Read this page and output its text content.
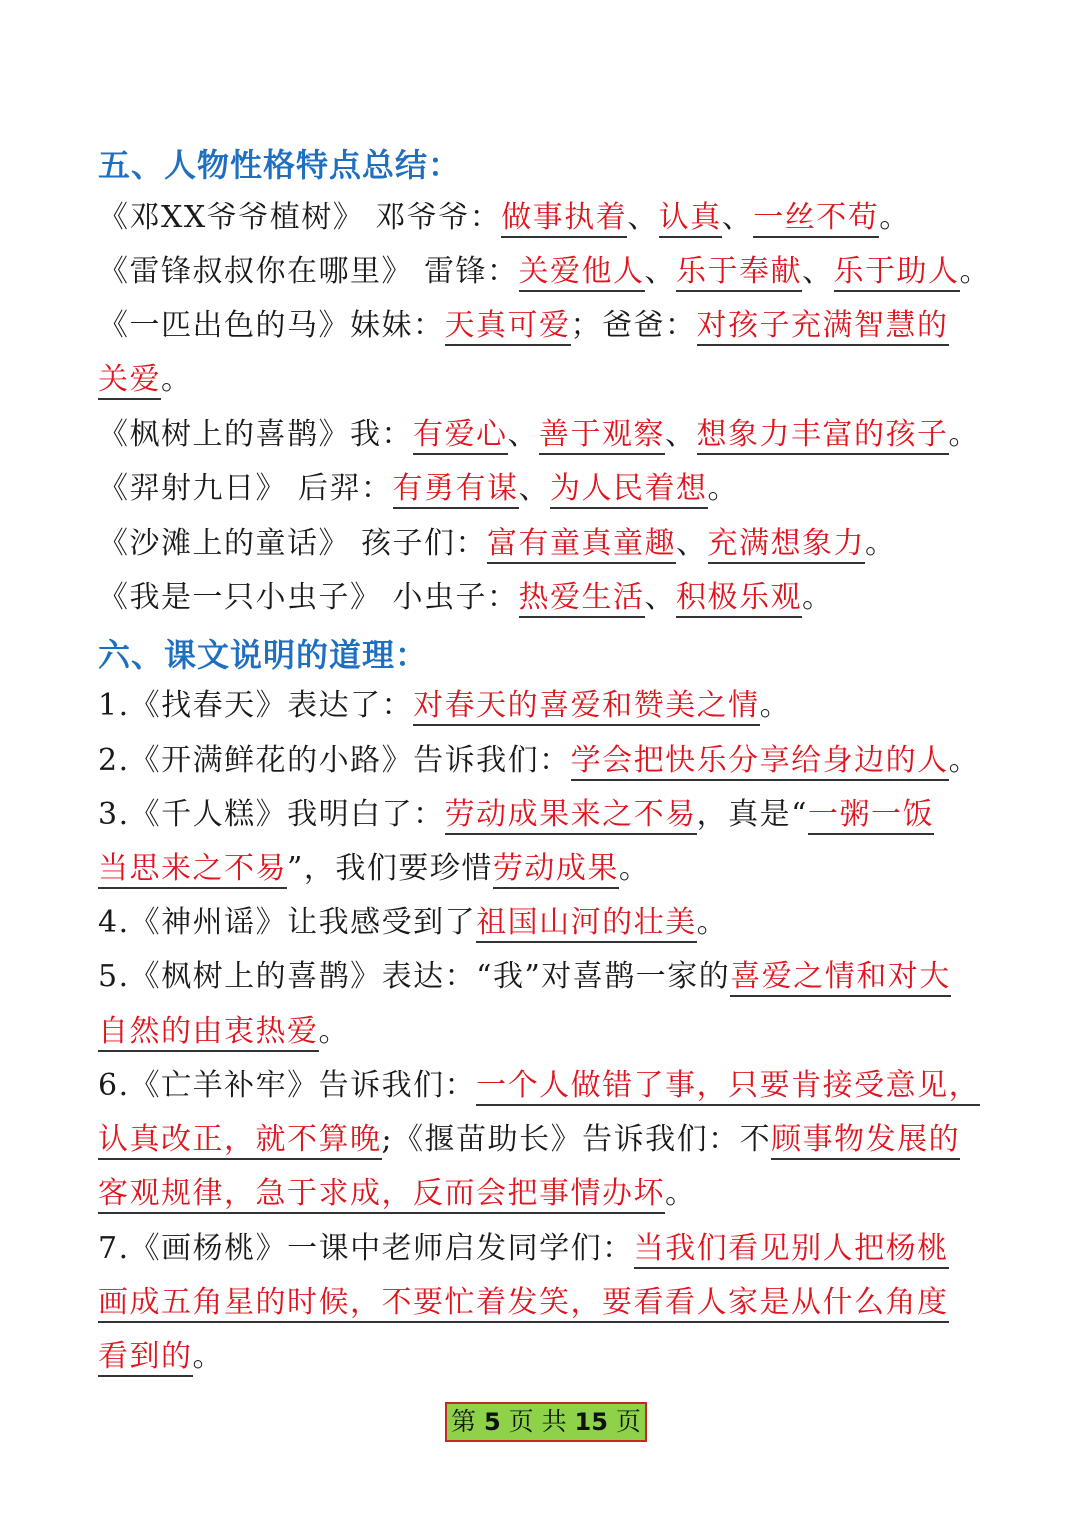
五、人物性格特点总结：
《邓XX爷爷植树》 邓爷爷：做事执着、认真、一丝不苟。
《雷锋叔叔你在哪里》 雷锋：关爱他人、乐于奉献、乐于助人。
《一匹出色的马》妹妹：天真可爱；爸爸：对孩子充满智慧的
关爱。
《枫树上的喜鹊》我：有爱心、善于观察、想象力丰富的孩子。
《羿射九日》 后羿：有勇有谋、为人民着想。
《沙滩上的童话》 孩子们：富有童真童趣、充满想象力。
《我是一只小虫子》 小虫子：热爱生活、积极乐观。
六、课文说明的道理：
1.《找春天》表达了：对春天的喜爱和赞美之情。
2.《开满鲜花的小路》告诉我们：学会把快乐分享给身边的人。
3.《千人糕》我明白了：劳动成果来之不易，真是“一粥一饭
当思来之不易”，我们要珍惜劳动成果。
4.《神州谣》让我感受到了祖国山河的壮美。
5.《枫树上的喜鹊》表达：“我”对喜鹊一家的喜爱之情和对大
自然的由衷热爱。
6.《亡羊补牢》告诉我们：一个人做错了事，只要肯接受意见，
认真改正，就不算晚;《揠苗助长》告诉我们：不顾事物发展的
客观规律，急于求成，反而会把事情办坏。
7.《画杨桃》一课中老师启发同学们：当我们看见别人把杨桃
画成五角星的时候，不要忙着发笑，要看看人家是从什么角度
看到的。
第 5 页 共 15 页
